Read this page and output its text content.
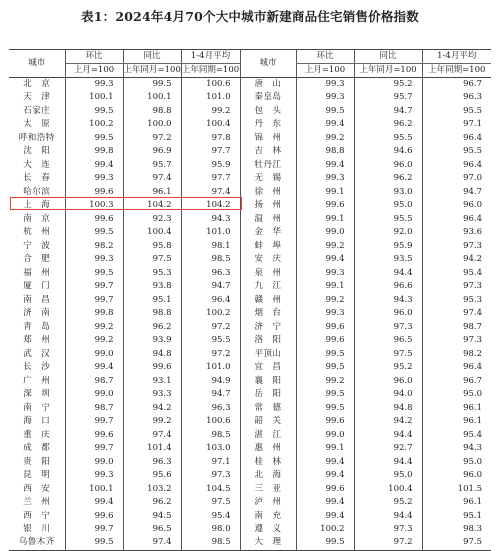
表1：2024年4月70个大中城市新建商品住宅销售价格指数
城市	环比	同比	1-4月平均	城市	环比	同比	1-4月平均
	上月=100	上年同月=100	上年同期=100		上月=100	上年同月=100	上年同期=100
北　京	99.3	99.5	100.6	唐　山	99.3	95.2	96.7
天　津	100.1	100.1	101.0	秦皇岛	99.3	95.7	96.3
石家庄	99.5	98.8	99.2	包　头	99.5	94.7	95.5
太　原	100.2	100.0	100.4	丹　东	99.4	96.2	97.1
呼和浩特	99.5	97.2	97.8	锦　州	99.2	95.5	96.4
沈　阳	99.8	96.9	97.7	吉　林	98.8	94.6	95.5
大　连	99.4	95.7	95.9	牡丹江	99.4	96.0	96.4
长　春	99.3	97.4	97.7	无　锡	99.3	96.2	97.0
哈尔滨	99.6	96.1	97.4	徐　州	99.1	93.0	94.7
上　海	100.3	104.2	104.2	扬　州	99.6	95.0	96.0
南　京	99.6	92.3	94.3	温　州	99.1	95.5	96.4
杭　州	99.5	100.4	101.0	金　华	99.0	92.0	93.6
宁　波	98.2	95.8	98.1	蚌　埠	99.2	95.9	97.3
合　肥	99.3	97.5	98.5	安　庆	99.4	93.5	94.2
福　州	99.5	95.3	96.3	泉　州	99.3	94.4	95.4
厦　门	99.7	93.8	94.7	九　江	99.1	96.6	97.3
南　昌	99.7	95.1	96.4	赣　州	99.2	94.3	95.3
济　南	99.8	98.8	100.2	烟　台	99.3	96.0	97.4
青　岛	99.2	96.2	97.2	济　宁	99.6	97.3	98.7
郑　州	99.2	93.9	95.5	洛　阳	99.6	96.5	97.3
武　汉	99.0	94.8	97.2	平顶山	99.5	97.5	98.2
长　沙	99.4	99.6	101.0	宜　昌	99.5	95.2	96.4
广　州	98.7	93.1	94.9	襄　阳	99.2	96.0	96.7
深　圳	99.0	93.3	94.7	岳　阳	99.5	94.0	95.0
南　宁	98.7	94.2	96.3	常　德	99.5	94.8	96.1
海　口	99.7	99.2	100.6	韶　关	99.6	94.2	96.1
重　庆	99.6	97.4	98.5	湛　江	99.0	94.4	95.4
成　都	99.7	101.4	103.0	惠　州	99.1	92.7	94.3
贵　阳	99.0	96.3	97.1	桂　林	99.4	94.4	95.0
昆　明	99.3	95.6	97.3	北　海	99.4	95.0	96.0
西　安	100.1	103.2	104.5	三　亚	99.6	100.4	101.5
兰　州	99.4	96.2	97.5	泸　州	99.4	95.2	96.1
西　宁	99.6	94.5	95.4	南　充	99.4	94.4	95.1
银　川	99.7	96.5	98.0	遵　义	100.2	97.3	98.3
乌鲁木齐	99.5	97.4	98.5	大　理	99.5	97.2	97.5
